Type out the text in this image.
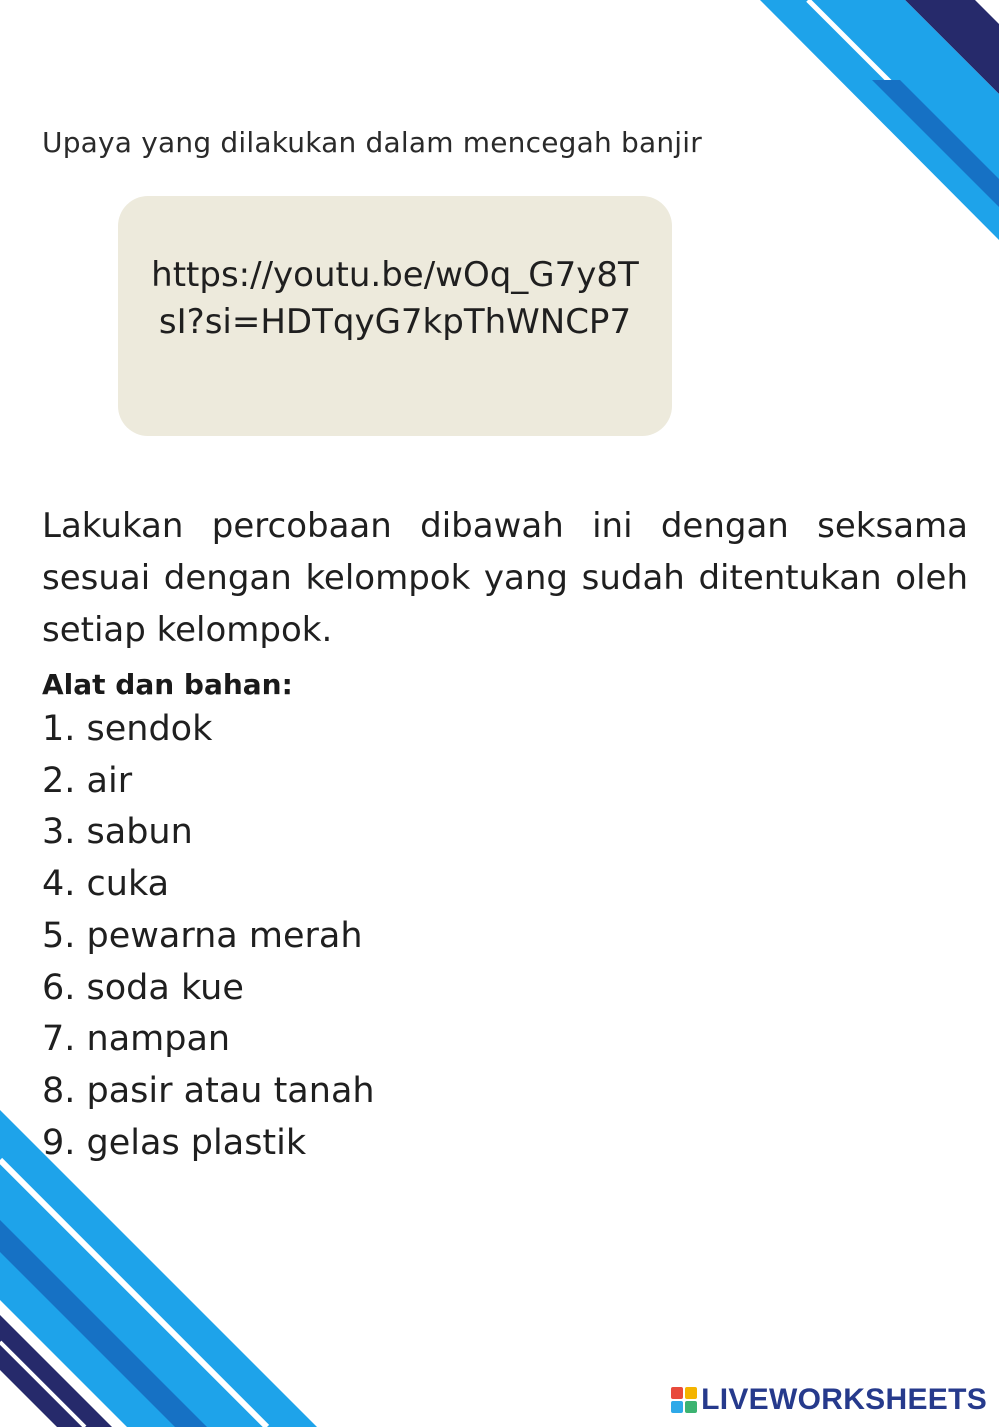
Upaya yang dilakukan dalam mencegah banjir
https://youtu.be/wOq_G7y8TsI?si=HDTqyG7kpThWNCP7
Lakukan percobaan dibawah ini dengan seksama sesuai dengan kelompok yang sudah ditentukan oleh setiap kelompok.
Alat dan bahan:
1. sendok
2. air
3. sabun
4. cuka
5. pewarna merah
6. soda kue
7. nampan
8. pasir atau tanah
9. gelas plastik
LIVEWORKSHEETS
